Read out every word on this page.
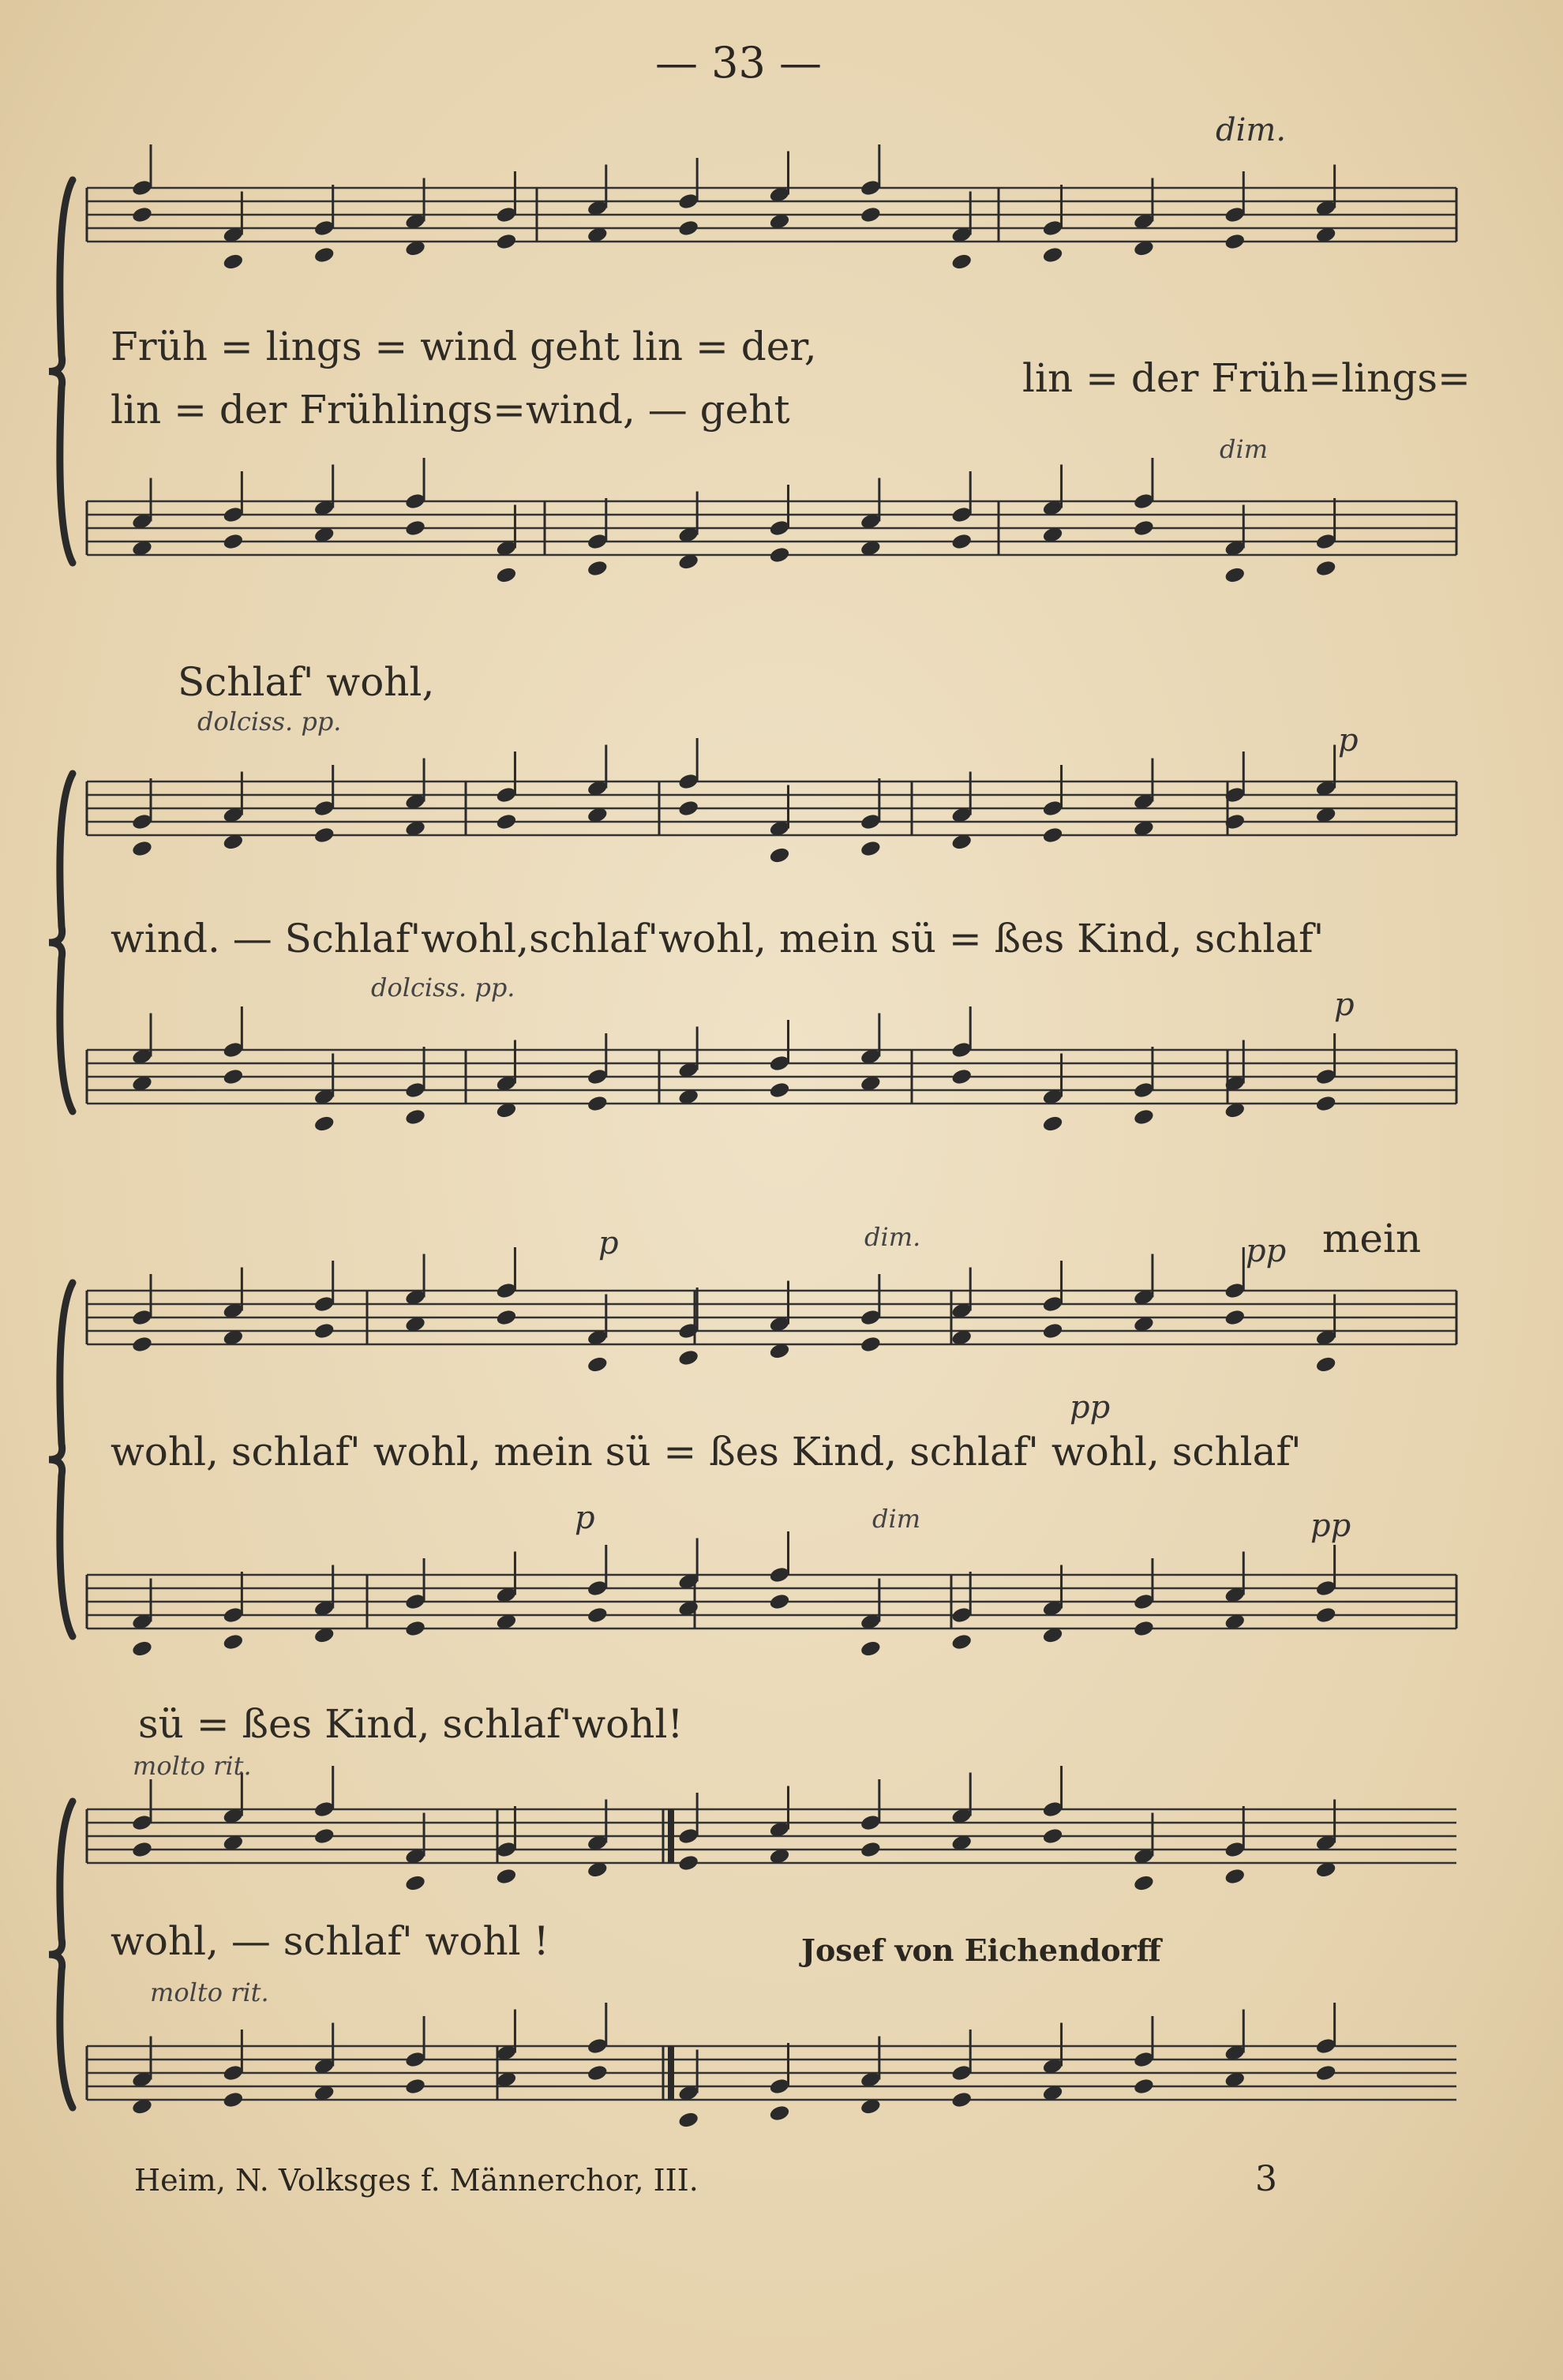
— 33 —
dim.
Früh = lings = wind geht lin = der,
lin = der Früh=lings=
lin = der Frühlings=wind, — geht
dim
Schlaf' wohl,
dolciss. pp.
p
wind. — Schlaf'wohl,schlaf'wohl, mein sü = ßes Kind, schlaf'
dolciss. pp.	p
p	dim.	pp mein
pp
wohl, schlaf' wohl, mein sü = ßes Kind, schlaf' wohl, schlaf'
p	dim	pp
sü = ßes Kind, schlaf'wohl!
molto rit.
wohl, — schlaf' wohl !	Josef von Eichendorff
molto rit.
Heim, N. Volksges f. Männerchor, III.	3
